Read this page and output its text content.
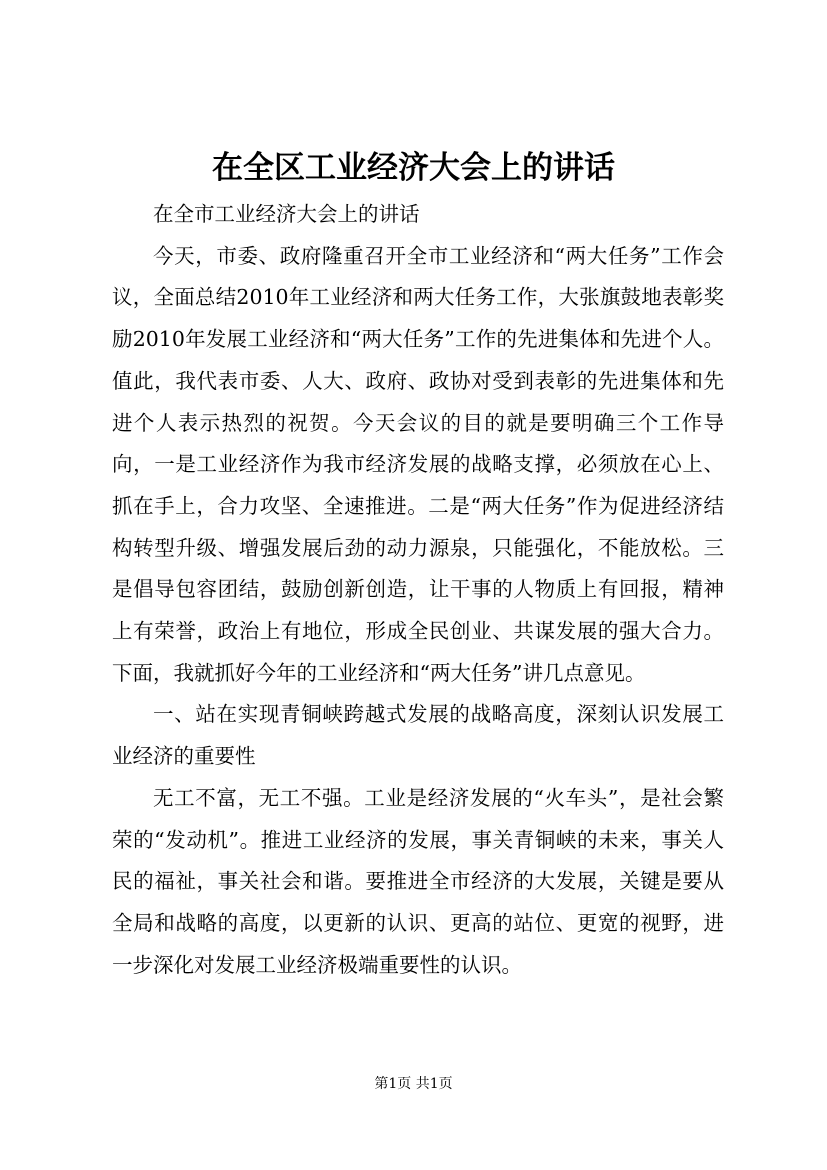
在全区工业经济大会上的讲话

在全市工业经济大会上的讲话

今天，市委、政府隆重召开全市工业经济和“两大任务”工作会议，全面总结2010年工业经济和两大任务工作，大张旗鼓地表彰奖励2010年发展工业经济和“两大任务”工作的先进集体和先进个人。值此，我代表市委、人大、政府、政协对受到表彰的先进集体和先进个人表示热烈的祝贺。今天会议的目的就是要明确三个工作导向，一是工业经济作为我市经济发展的战略支撑，必须放在心上、抓在手上，合力攻坚、全速推进。二是“两大任务”作为促进经济结构转型升级、增强发展后劲的动力源泉，只能强化，不能放松。三是倡导包容团结，鼓励创新创造，让干事的人物质上有回报，精神上有荣誉，政治上有地位，形成全民创业、共谋发展的强大合力。下面，我就抓好今年的工业经济和“两大任务”讲几点意见。

一、站在实现青铜峡跨越式发展的战略高度，深刻认识发展工业经济的重要性

无工不富，无工不强。工业是经济发展的“火车头”，是社会繁荣的“发动机”。推进工业经济的发展，事关青铜峡的未来，事关人民的福祉，事关社会和谐。要推进全市经济的大发展，关键是要从全局和战略的高度，以更新的认识、更高的站位、更宽的视野，进一步深化对发展工业经济极端重要性的认识。

第1页 共1页
